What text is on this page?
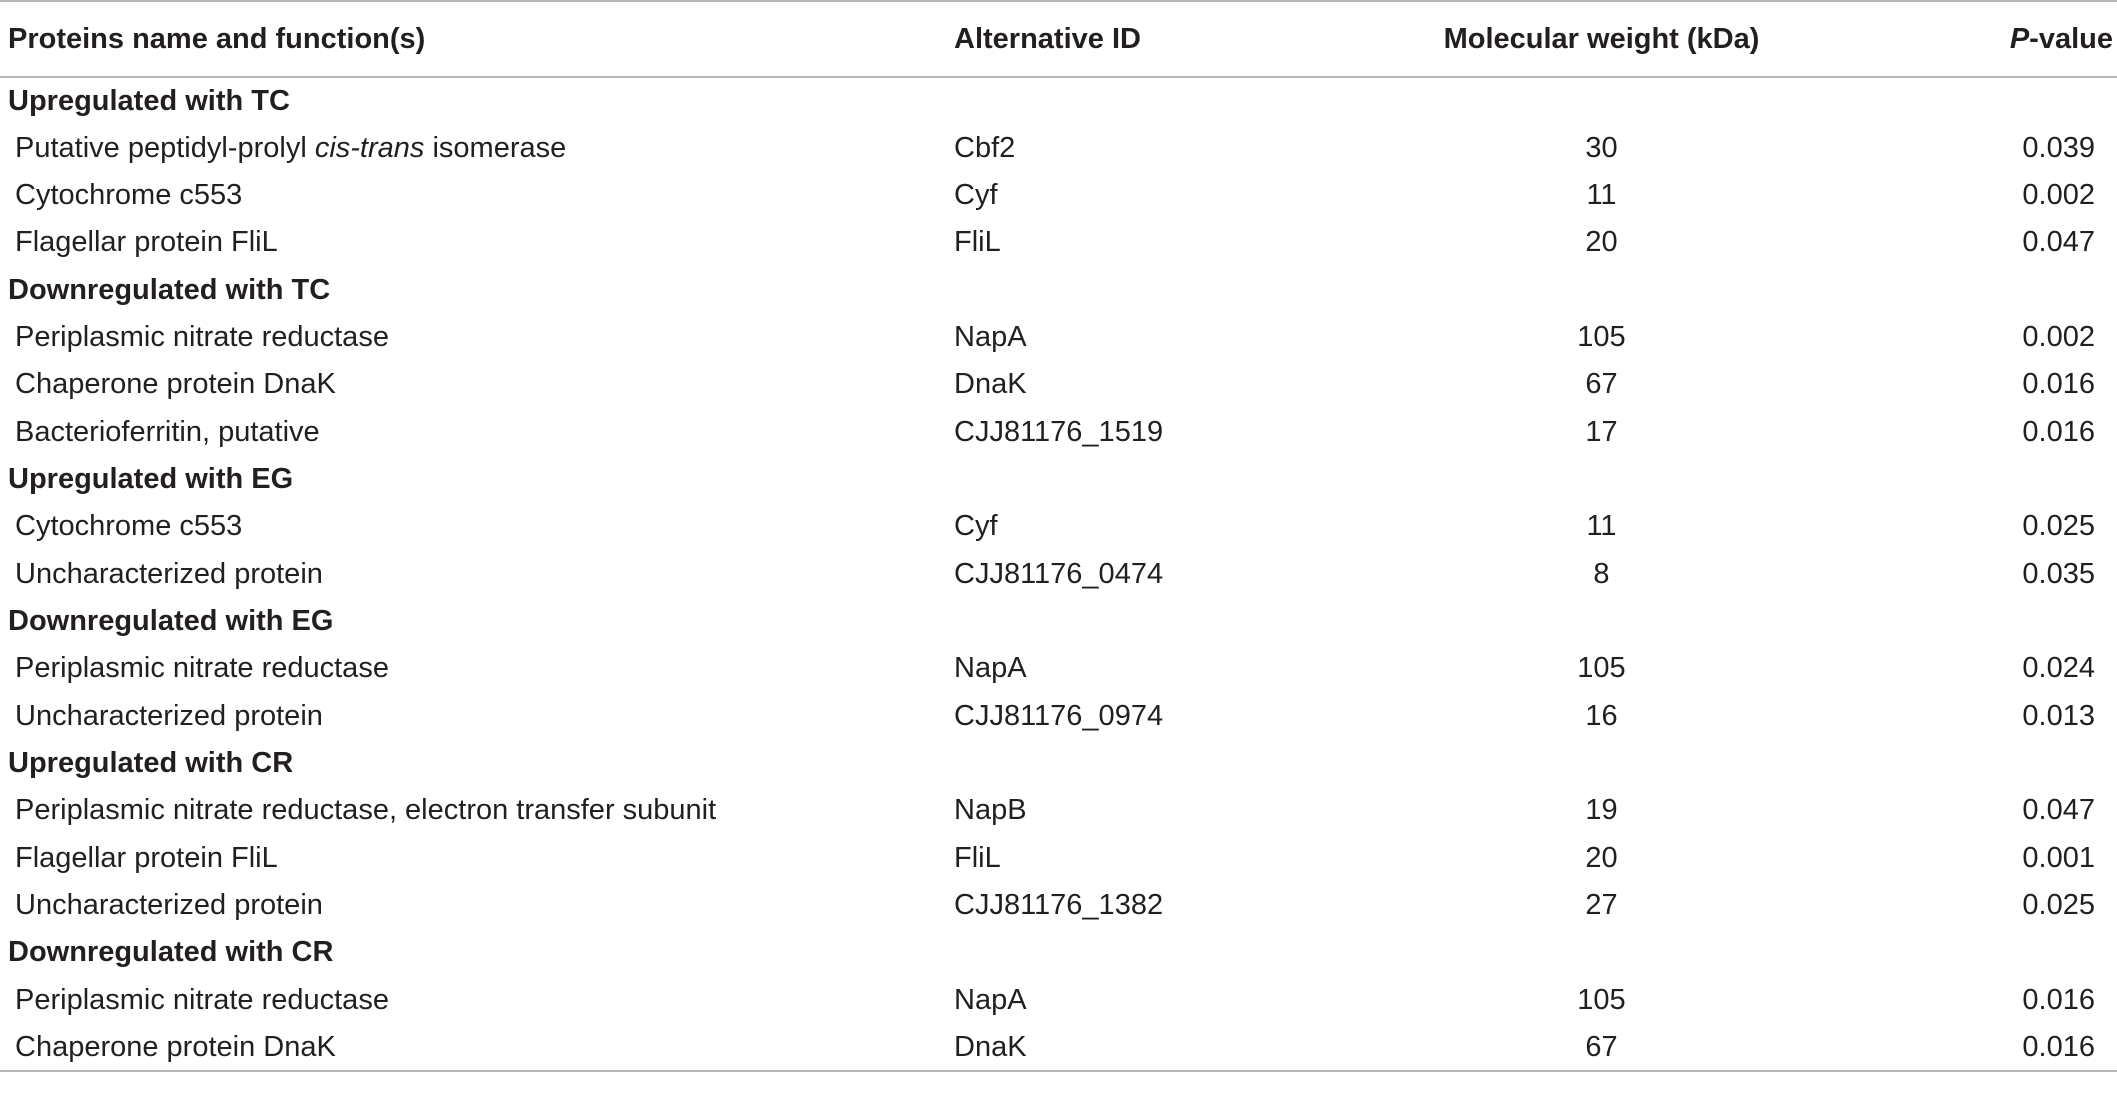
Proteins name and function(s)	Alternative ID	Molecular weight (kDa)	P-value
Upregulated with TC			
Putative peptidyl-prolyl cis-trans isomerase	Cbf2	30	0.039
Cytochrome c553	Cyf	11	0.002
Flagellar protein FliL	FliL	20	0.047
Downregulated with TC			
Periplasmic nitrate reductase	NapA	105	0.002
Chaperone protein DnaK	DnaK	67	0.016
Bacterioferritin, putative	CJJ81176_1519	17	0.016
Upregulated with EG			
Cytochrome c553	Cyf	11	0.025
Uncharacterized protein	CJJ81176_0474	8	0.035
Downregulated with EG			
Periplasmic nitrate reductase	NapA	105	0.024
Uncharacterized protein	CJJ81176_0974	16	0.013
Upregulated with CR			
Periplasmic nitrate reductase, electron transfer subunit	NapB	19	0.047
Flagellar protein FliL	FliL	20	0.001
Uncharacterized protein	CJJ81176_1382	27	0.025
Downregulated with CR			
Periplasmic nitrate reductase	NapA	105	0.016
Chaperone protein DnaK	DnaK	67	0.016
